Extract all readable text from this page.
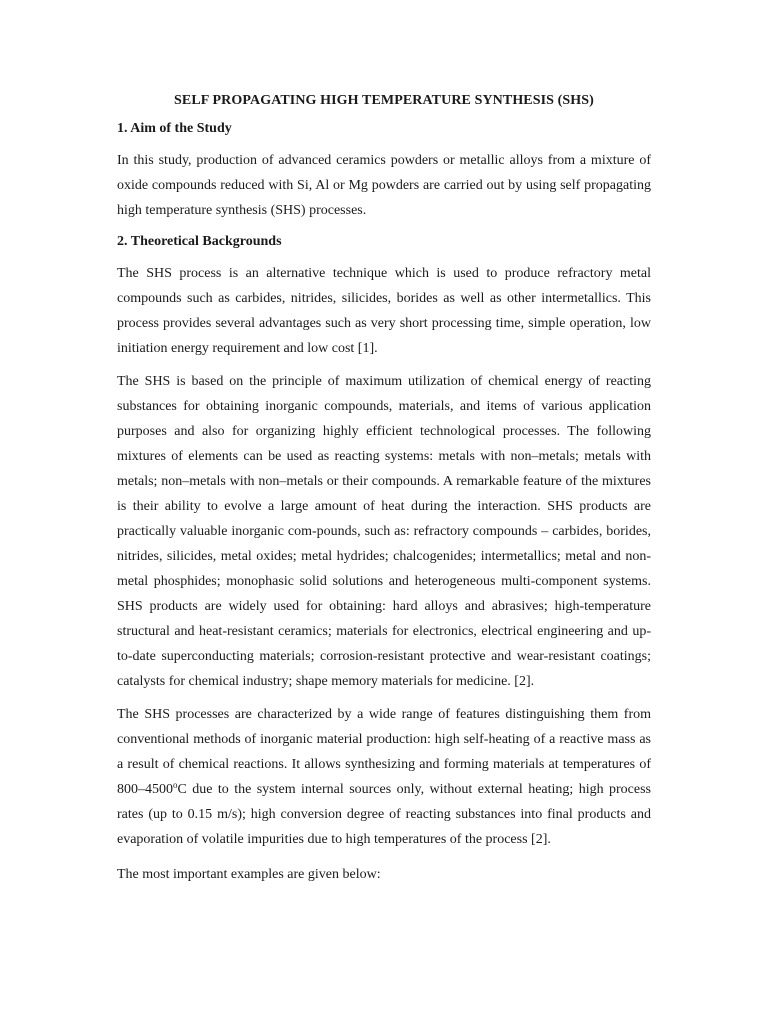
SELF PROPAGATING HIGH TEMPERATURE SYNTHESIS (SHS)
1. Aim of the Study

In this study, production of advanced ceramics powders or metallic alloys from a mixture of oxide compounds reduced with Si, Al or Mg powders are carried out by using self propagating high temperature synthesis (SHS) processes.

2. Theoretical Backgrounds

The SHS process is an alternative technique which is used to produce refractory metal compounds such as carbides, nitrides, silicides, borides as well as other intermetallics. This process provides several advantages such as very short processing time, simple operation, low initiation energy requirement and low cost [1].

The SHS is based on the principle of maximum utilization of chemical energy of reacting substances for obtaining inorganic compounds, materials, and items of various application purposes and also for organizing highly efficient technological processes. The following mixtures of elements can be used as reacting systems: metals with non–metals; metals with metals; non–metals with non–metals or their compounds. A remarkable feature of the mixtures is their ability to evolve a large amount of heat during the interaction. SHS products are practically valuable inorganic com-pounds, such as: refractory compounds – carbides, borides, nitrides, silicides, metal oxides; metal hydrides; chalcogenides; intermetallics; metal and non-metal phosphides; monophasic solid solutions and heterogeneous multi-component systems. SHS products are widely used for obtaining: hard alloys and abrasives; high-temperature structural and heat-resistant ceramics; materials for electronics, electrical engineering and up-to-date superconducting materials; corrosion-resistant protective and wear-resistant coatings; catalysts for chemical industry; shape memory materials for medicine. [2].

The SHS processes are characterized by a wide range of features distinguishing them from conventional methods of inorganic material production: high self-heating of a reactive mass as a result of chemical reactions. It allows synthesizing and forming materials at temperatures of 800–4500$^o$C due to the system internal sources only, without external heating; high process rates (up to 0.15 m/s); high conversion degree of reacting substances into final products and evaporation of volatile impurities due to high temperatures of the process [2].

The most important examples are given below:
